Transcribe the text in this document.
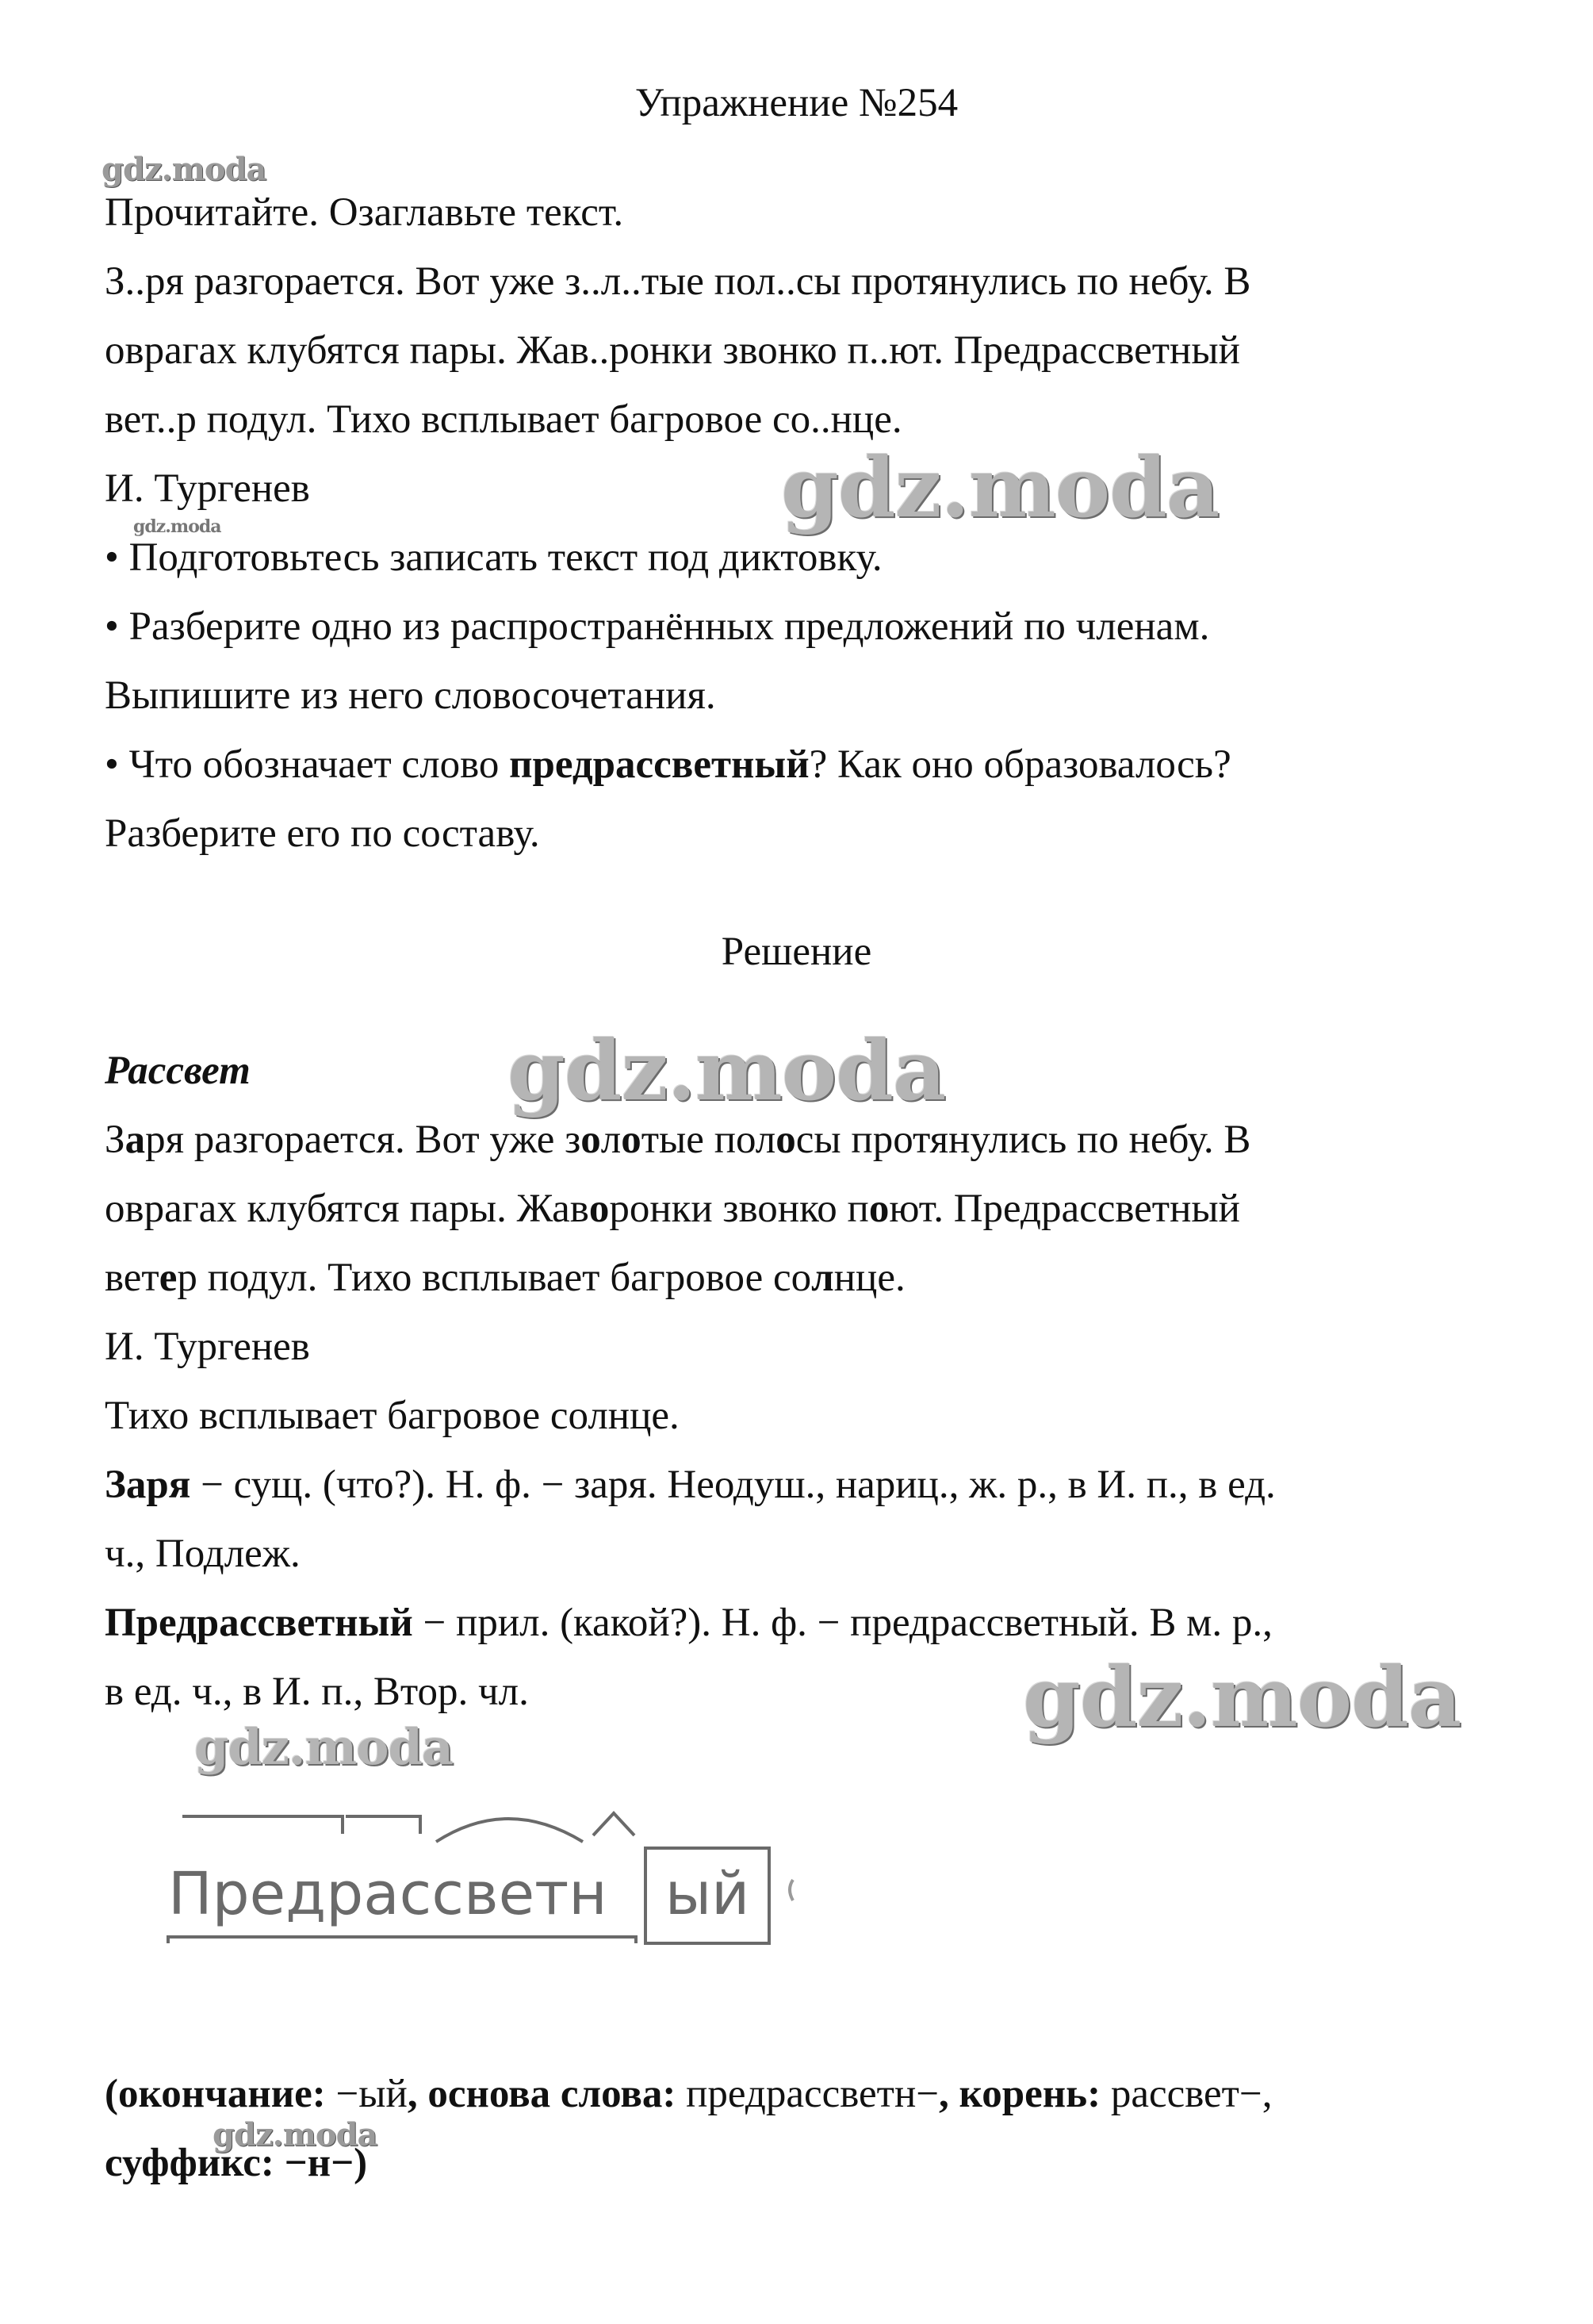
Упражнение №254
gdz.moda
Прочитайте. Озаглавьте текст.
З..ря разгорается. Вот уже з..л..тые пол..сы протянулись по небу. В
оврагах клубятся пары. Жав..ронки звонко п..ют. Предрассветный
вет..р подул. Тихо всплывает багровое со..нце.
И. Тургенев	gdz.moda
gdz.moda
• Подготовьтесь записать текст под диктовку.
• Разберите одно из распространённых предложений по членам.
Выпишите из него словосочетания.
• Что обозначает слово предрассветный? Как оно образовалось?
Разберите его по составу.
Решение
Рассвет	gdz.moda
Заря разгорается. Вот уже золотые полосы протянулись по небу. В
оврагах клубятся пары. Жаворонки звонко поют. Предрассветный
ветер подул. Тихо всплывает багровое солнце.
И. Тургенев
Тихо всплывает багровое солнце.
Заря − сущ. (что?). Н. ф. − заря. Неодуш., нариц., ж. р., в И. п., в ед.
ч., Подлеж.
Предрассветный − прил. (какой?). Н. ф. − предрассветный. В м. р.,
в ед. ч., в И. п., Втор. чл.	gdz.moda
gdz.moda
Предрассветн ый
(окончание: −ый, основа слова: предрассветн−, корень: рассвет−,
gdz.moda
суффикс: −н−)
